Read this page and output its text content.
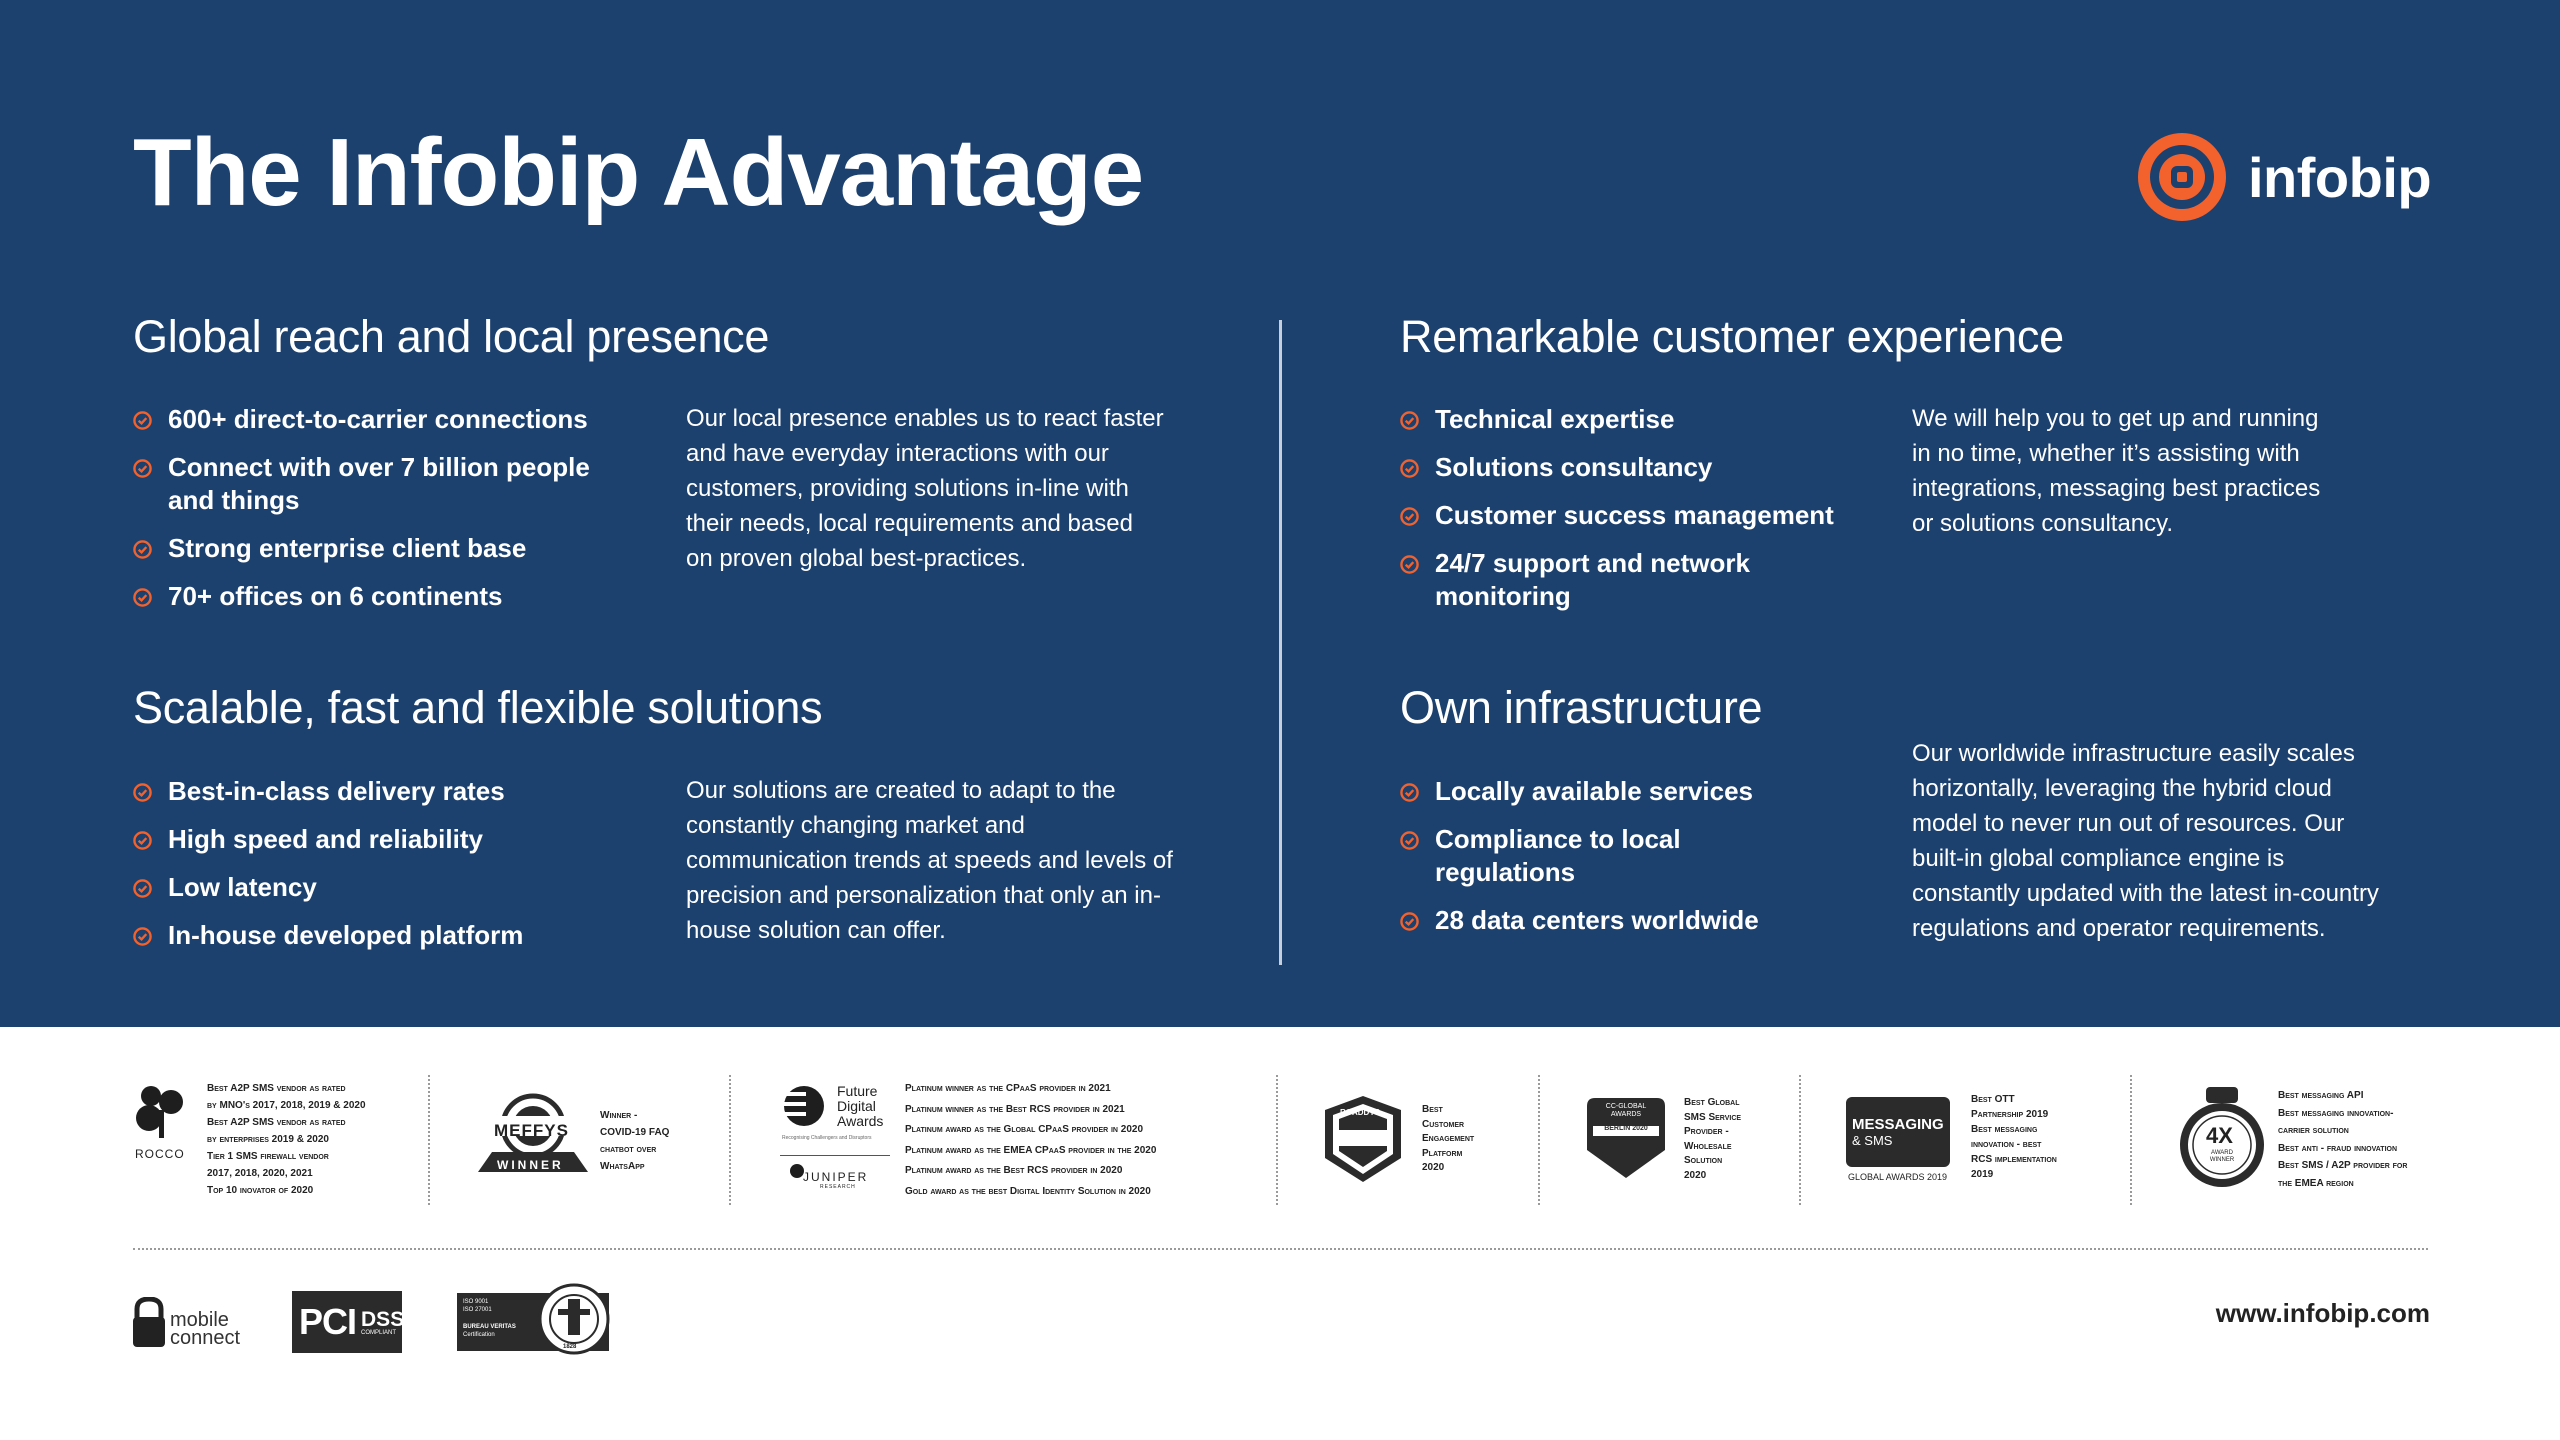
The Infobip Advantage	infobip
Global reach and local presence
600+ direct-to-carrier connections
Connect with over 7 billion people and things
Strong enterprise client base
70+ offices on 6 continents
Our local presence enables us to react faster and have everyday interactions with our customers, providing solutions in-line with their needs, local requirements and based on proven global best-practices.
Scalable, fast and flexible solutions
Best-in-class delivery rates
High speed and reliability
Low latency
In-house developed platform
Our solutions are created to adapt to the constantly changing market and communication trends at speeds and levels of precision and personalization that only an in-house solution can offer.
Remarkable customer experience
Technical expertise
Solutions consultancy
Customer success management
24/7 support and network monitoring
We will help you to get up and running in no time, whether it’s assisting with integrations, messaging best practices or solutions consultancy.
Own infrastructure
Locally available services
Compliance to local regulations
28 data centers worldwide
Our worldwide infrastructure easily scales horizontally, leveraging the hybrid cloud model to never run out of resources. Our built-in global compliance engine is constantly updated with the latest in-country regulations and operator requirements.
ROCCO
Best A2P SMS vendor as rated
by MNO's 2017, 2018, 2019 & 2020
Best A2P SMS vendor as rated
by enterprises 2019 & 2020
Tier 1 SMS firewall vendor
2017, 2018, 2020, 2021
Top 10 inovator of 2020
MEFFYS
WINNER
Winner -
COVID-19 FAQ
chatbot over
WhatsApp
Future
Digital
Awards
Recognising Challengers and Disruptors
JUNIPER
RESEARCH
Platinum winner as the CPaaS provider in 2021
Platinum winner as the Best RCS provider in 2021
Platinum award as the Global CPaaS provider in 2020
Platinum award as the EMEA CPaaS provider in the 2020
Platinum award as the Best RCS provider in 2020
Gold award as the best Digital Identity Solution in 2020
ROADDYS	Best
Customer
Engagement
Platform
2020
CC-GLOBAL
AWARDS
BERLIN 2020
Best Global
SMS Service
Provider -
Wholesale
Solution
2020
MESSAGING
& SMS
GLOBAL AWARDS 2019
Best OTT
Partnership 2019
Best messaging
innovation - best
RCS implementation
2019
4X
AWARD WINNER
Best messaging API
Best messaging innovation-
carrier solution
Best anti - fraud innovation
Best SMS / A2P provider for
the EMEA region
mobile
connect PCI DSS
COMPLIANT
ISO 9001
ISO 27001
BUREAU VERITAS
Certification
1828
www.infobip.com
